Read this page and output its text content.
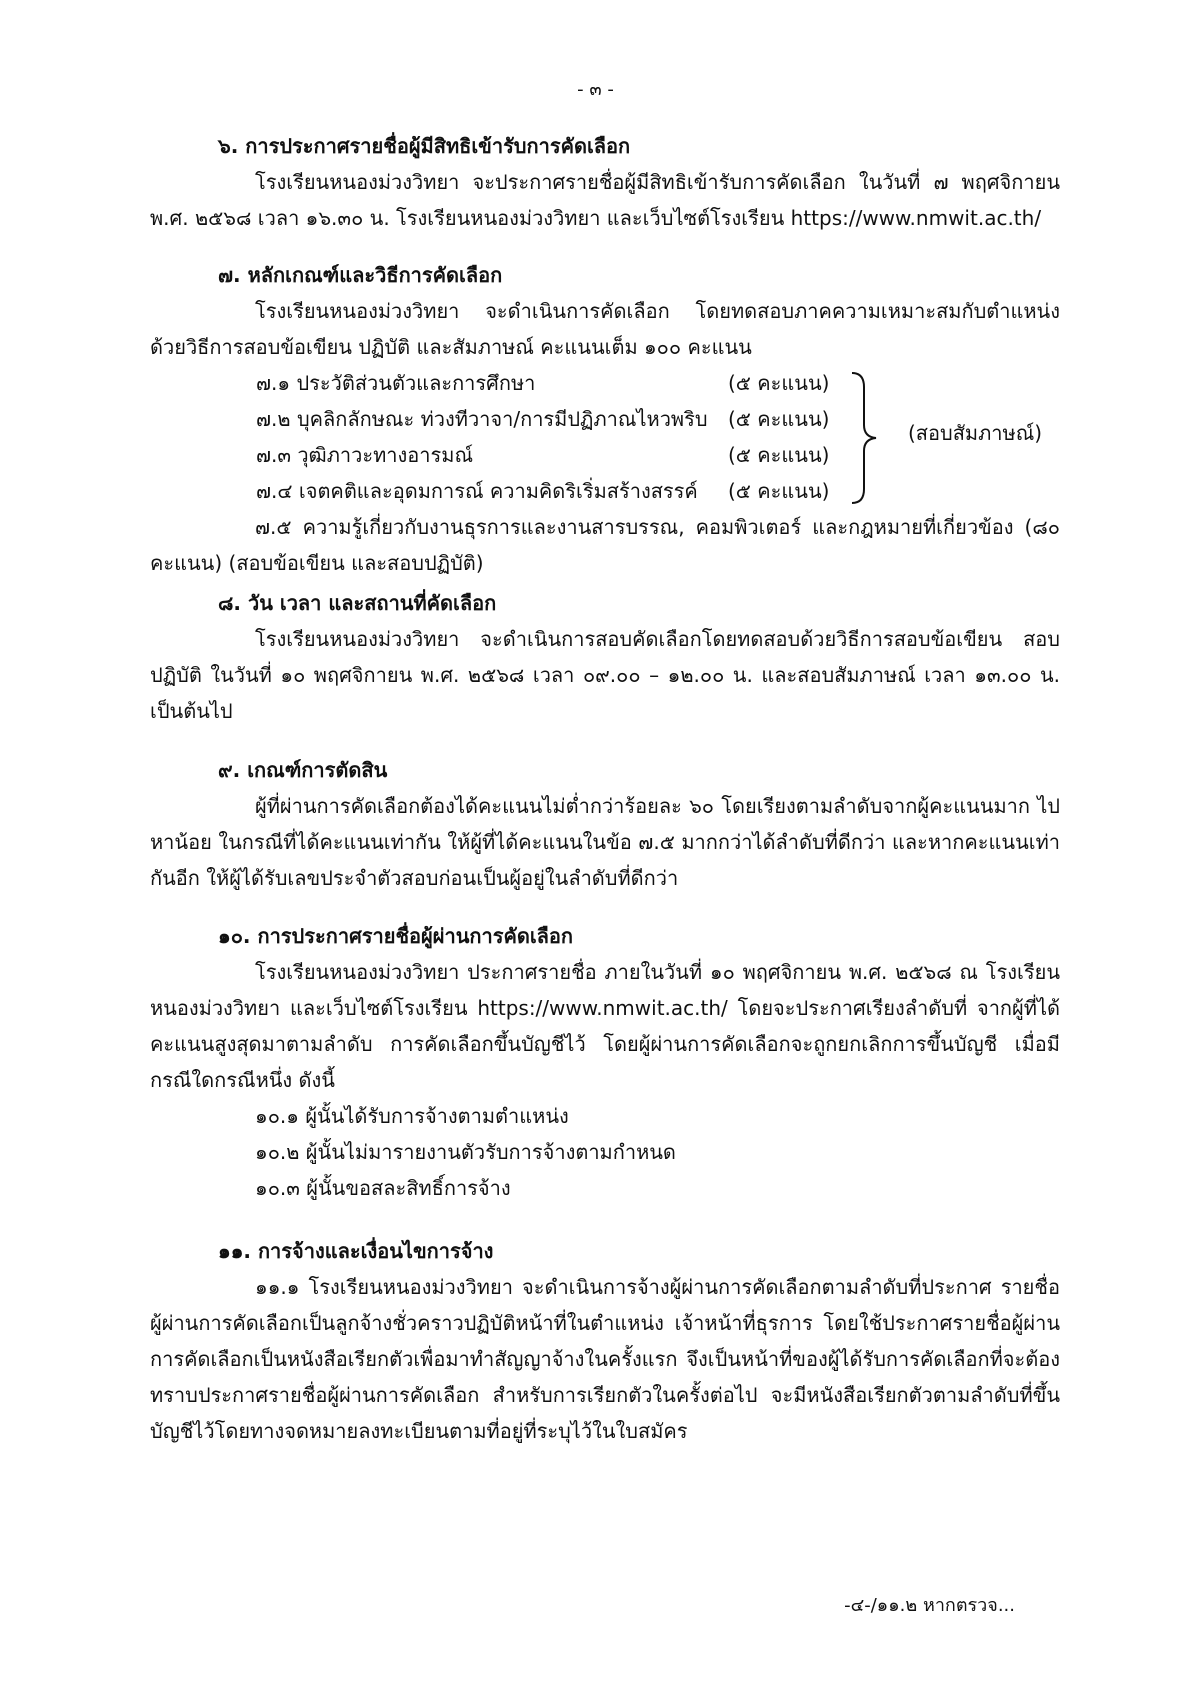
- ๓ -

๖. การประกาศรายชื่อผู้มีสิทธิเข้ารับการคัดเลือก

โรงเรียนหนองม่วงวิทยา จะประกาศรายชื่อผู้มีสิทธิเข้ารับการคัดเลือก ในวันที่ ๗ พฤศจิกายน พ.ศ. ๒๕๖๘ เวลา ๑๖.๓๐ น. โรงเรียนหนองม่วงวิทยา และเว็บไซต์โรงเรียน https://www.nmwit.ac.th/

๗. หลักเกณฑ์และวิธีการคัดเลือก

โรงเรียนหนองม่วงวิทยา จะดำเนินการคัดเลือก โดยทดสอบภาคความเหมาะสมกับตำแหน่ง ด้วยวิธีการสอบข้อเขียน ปฏิบัติ และสัมภาษณ์ คะแนนเต็ม ๑๐๐ คะแนน

๗.๑ ประวัติส่วนตัวและการศึกษา	(๕ คะแนน)
๗.๒ บุคลิกลักษณะ ท่วงทีวาจา/การมีปฏิภาณไหวพริบ (๕ คะแนน)
๗.๓ วุฒิภาวะทางอารมณ์	(๕ คะแนน)
๗.๔ เจตคติและอุดมการณ์ ความคิดริเริ่มสร้างสรรค์ (๕ คะแนน)
(สอบสัมภาษณ์)

๗.๕ ความรู้เกี่ยวกับงานธุรการและงานสารบรรณ, คอมพิวเตอร์ และกฎหมายที่เกี่ยวข้อง (๘๐ คะแนน) (สอบข้อเขียน และสอบปฏิบัติ)

๘. วัน เวลา และสถานที่คัดเลือก

โรงเรียนหนองม่วงวิทยา จะดำเนินการสอบคัดเลือกโดยทดสอบด้วยวิธีการสอบข้อเขียน สอบปฏิบัติ ในวันที่ ๑๐ พฤศจิกายน พ.ศ. ๒๕๖๘ เวลา ๐๙.๐๐ – ๑๒.๐๐ น. และสอบสัมภาษณ์ เวลา ๑๓.๐๐ น. เป็นต้นไป

๙. เกณฑ์การตัดสิน

ผู้ที่ผ่านการคัดเลือกต้องได้คะแนนไม่ต่ำกว่าร้อยละ ๖๐ โดยเรียงตามลำดับจากผู้คะแนนมาก ไปหาน้อย ในกรณีที่ได้คะแนนเท่ากัน ให้ผู้ที่ได้คะแนนในข้อ ๗.๕ มากกว่าได้ลำดับที่ดีกว่า และหากคะแนนเท่ากันอีก ให้ผู้ได้รับเลขประจำตัวสอบก่อนเป็นผู้อยู่ในลำดับที่ดีกว่า

๑๐. การประกาศรายชื่อผู้ผ่านการคัดเลือก

โรงเรียนหนองม่วงวิทยา ประกาศรายชื่อ ภายในวันที่ ๑๐ พฤศจิกายน พ.ศ. ๒๕๖๘ ณ โรงเรียนหนองม่วงวิทยา และเว็บไซต์โรงเรียน https://www.nmwit.ac.th/ โดยจะประกาศเรียงลำดับที่ จากผู้ที่ได้คะแนนสูงสุดมาตามลำดับ การคัดเลือกขึ้นบัญชีไว้ โดยผู้ผ่านการคัดเลือกจะถูกยกเลิกการขึ้นบัญชี เมื่อมีกรณีใดกรณีหนึ่ง ดังนี้

๑๐.๑ ผู้นั้นได้รับการจ้างตามตำแหน่ง

๑๐.๒ ผู้นั้นไม่มารายงานตัวรับการจ้างตามกำหนด

๑๐.๓ ผู้นั้นขอสละสิทธิ์การจ้าง

๑๑. การจ้างและเงื่อนไขการจ้าง

๑๑.๑ โรงเรียนหนองม่วงวิทยา จะดำเนินการจ้างผู้ผ่านการคัดเลือกตามลำดับที่ประกาศ รายชื่อผู้ผ่านการคัดเลือกเป็นลูกจ้างชั่วคราวปฏิบัติหน้าที่ในตำแหน่ง เจ้าหน้าที่ธุรการ โดยใช้ประกาศรายชื่อผู้ผ่านการคัดเลือกเป็นหนังสือเรียกตัวเพื่อมาทำสัญญาจ้างในครั้งแรก จึงเป็นหน้าที่ของผู้ได้รับการคัดเลือกที่จะต้องทราบประกาศรายชื่อผู้ผ่านการคัดเลือก สำหรับการเรียกตัวในครั้งต่อไป จะมีหนังสือเรียกตัวตามลำดับที่ขึ้นบัญชีไว้โดยทางจดหมายลงทะเบียนตามที่อยู่ที่ระบุไว้ในใบสมัคร

-๔-/๑๑.๒ หากตรวจ...
